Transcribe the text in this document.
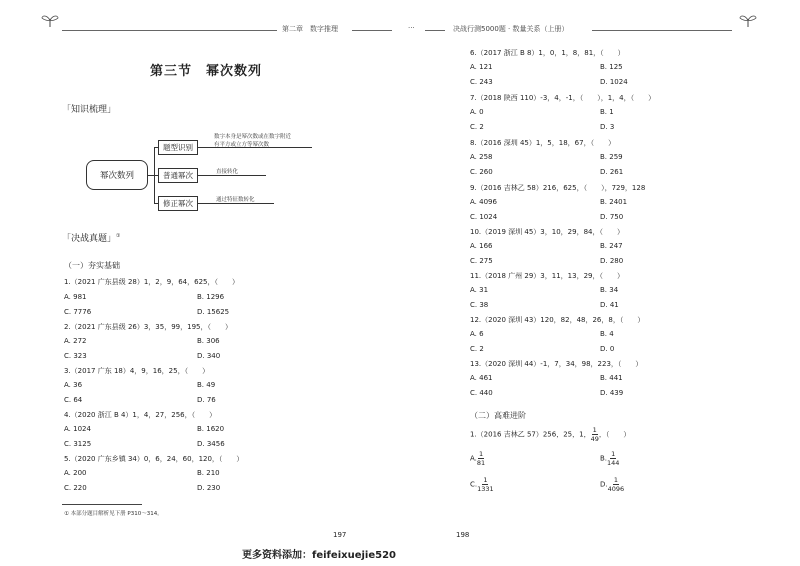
第二章　数字推理	···	决战行测5000题 · 数量关系（上册）
第三节　幂次数列
「知识梳理」
幂次数列
题型识别
普通幂次
修正幂次
数字本身是幂次数或在数字附近
有平方或立方等幂次数
直接转化
通过特征数转化
「决战真题」①
（一）夯实基础
1.（2021 广东县级 28）1，2，9，64，625，（　　）
A. 981	B. 1296
C. 7776	D. 15625
2.（2021 广东县级 26）3，35，99，195，（　　）
A. 272	B. 306
C. 323	D. 340
3.（2017 广东 18）4，9，16，25，（　　）
A. 36	B. 49
C. 64	D. 76
4.（2020 浙江 B 4）1，4，27，256，（　　）
A. 1024	B. 1620
C. 3125	D. 3456
5.（2020 广东乡镇 34）0，6，24，60，120，（　　）
A. 200	B. 210
C. 220	D. 230
① 本部分题目解析见下册 P310～314。
197
6.（2017 浙江 B 8）1，0，1，8，81，（　　）
A. 121	B. 125
C. 243	D. 1024
7.（2018 陕西 110）-3，4，-1，（　　），1，4，（　　）
A. 0	B. 1
C. 2	D. 3
8.（2016 深圳 45）1，5，18，67，（　　）
A. 258	B. 259
C. 260	D. 261
9.（2016 吉林乙 58）216，625，（　　），729，128
A. 4096	B. 2401
C. 1024	D. 750
10.（2019 深圳 45）3，10，29，84，（　　）
A. 166	B. 247
C. 275	D. 280
11.（2018 广州 29）3，11，13，29，（　　）
A. 31	B. 34
C. 38	D. 41
12.（2020 深圳 43）120，82，48，26，8，（　　）
A. 6	B. 4
C. 2	D. 0
13.（2020 深圳 44）-1，7，34，98，223，（　　）
A. 461	B. 441
C. 440	D. 439
（二）高难进阶
1.（2016 吉林乙 57）256，25，1， $\frac{1}{49}$ ，（　　）
A. $\frac{1}{81}$	B. $\frac{1}{144}$
C. $\frac{1}{1331}$	D. $\frac{1}{4096}$
198
更多资料添加：feifeixuejie520
